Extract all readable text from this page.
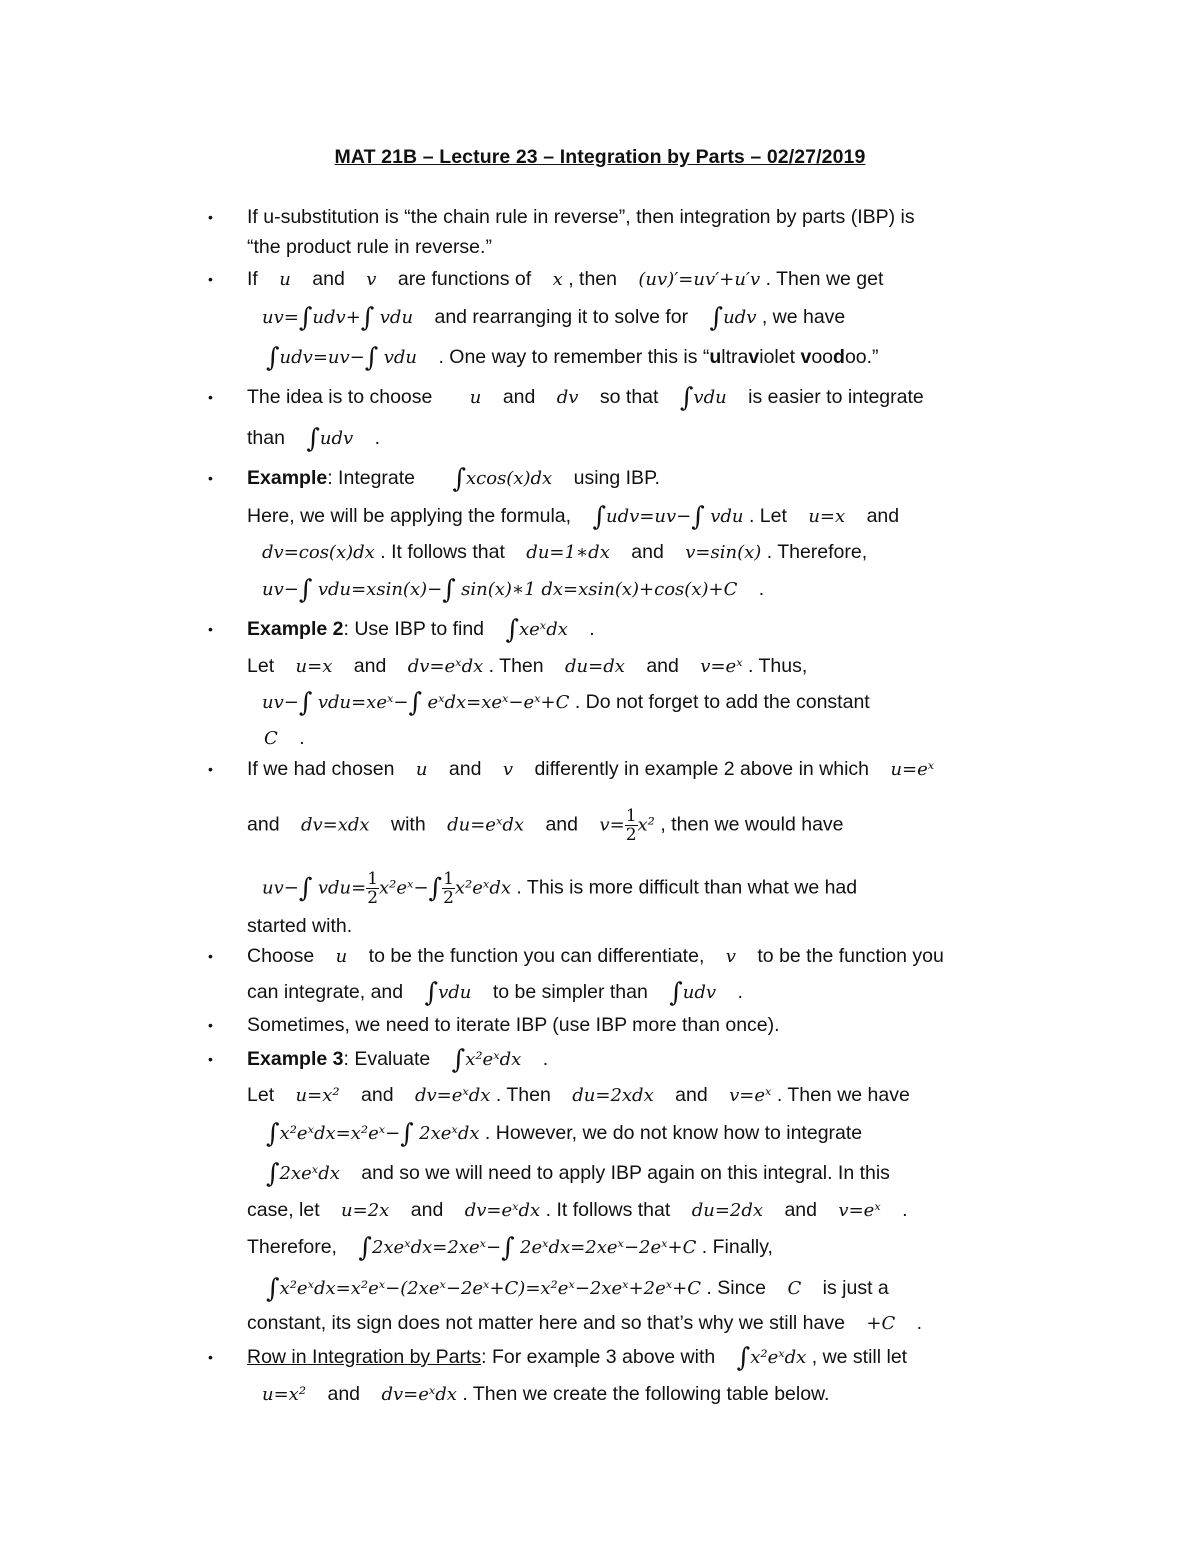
MAT 21B – Lecture 23 – Integration by Parts – 02/27/2019
• If u-substitution is “the chain rule in reverse”, then integration by parts (IBP) is
“the product rule in reverse.”
• If u and v are functions of x , then (uv)′=uv′+u′v . Then we get
uv=∫udv+∫ vdu and rearranging it to solve for ∫udv , we have
∫udv=uv−∫ vdu . One way to remember this is “ultraviolet voodoo.”
• The idea is to choose u and dv so that ∫vdu is easier to integrate
than ∫udv .
• Example: Integrate ∫xcos(x)dx using IBP.
Here, we will be applying the formula, ∫udv=uv−∫ vdu . Let u=x and
dv=cos(x)dx . It follows that du=1∗dx and v=sin(x) . Therefore,
uv−∫ vdu=xsin(x)−∫ sin(x)∗1 dx=xsin(x)+cos(x)+C .
• Example 2: Use IBP to find ∫xeˣdx .
Let u=x and dv=eˣdx . Then du=dx and v=eˣ . Thus,
uv−∫ vdu=xeˣ−∫ eˣdx=xeˣ−eˣ+C . Do not forget to add the constant
C .
• If we had chosen u and v differently in example 2 above in which u=eˣ
and dv=xdx with du=eˣdx and $v= \frac{1}{2} x^2$ , then we would have
uv−∫ $vdu= \frac{1}{2}$ x²eˣ−∫ $\frac{1}{2}$ x²eˣdx . This is more difficult than what we had
started with.
• Choose u to be the function you can differentiate, v to be the function you
can integrate, and ∫vdu to be simpler than ∫udv .
• Sometimes, we need to iterate IBP (use IBP more than once).
• Example 3: Evaluate ∫x²eˣdx .
Let u=x² and dv=eˣdx . Then du=2xdx and v=eˣ . Then we have
∫x²eˣdx=x²eˣ−∫ 2xeˣdx . However, we do not know how to integrate
∫2xeˣdx and so we will need to apply IBP again on this integral. In this
case, let u=2x and dv=eˣdx . It follows that du=2dx and v=eˣ .
Therefore, ∫2xeˣdx=2xeˣ−∫ 2eˣdx=2xeˣ−2eˣ+C . Finally,
∫x²eˣdx=x²eˣ−(2xeˣ−2eˣ+C)=x²eˣ−2xeˣ+2eˣ+C . Since C is just a
constant, its sign does not matter here and so that’s why we still have +C .
• Row in Integration by Parts: For example 3 above with ∫x²eˣdx , we still let
u=x² and dv=eˣdx . Then we create the following table below.
